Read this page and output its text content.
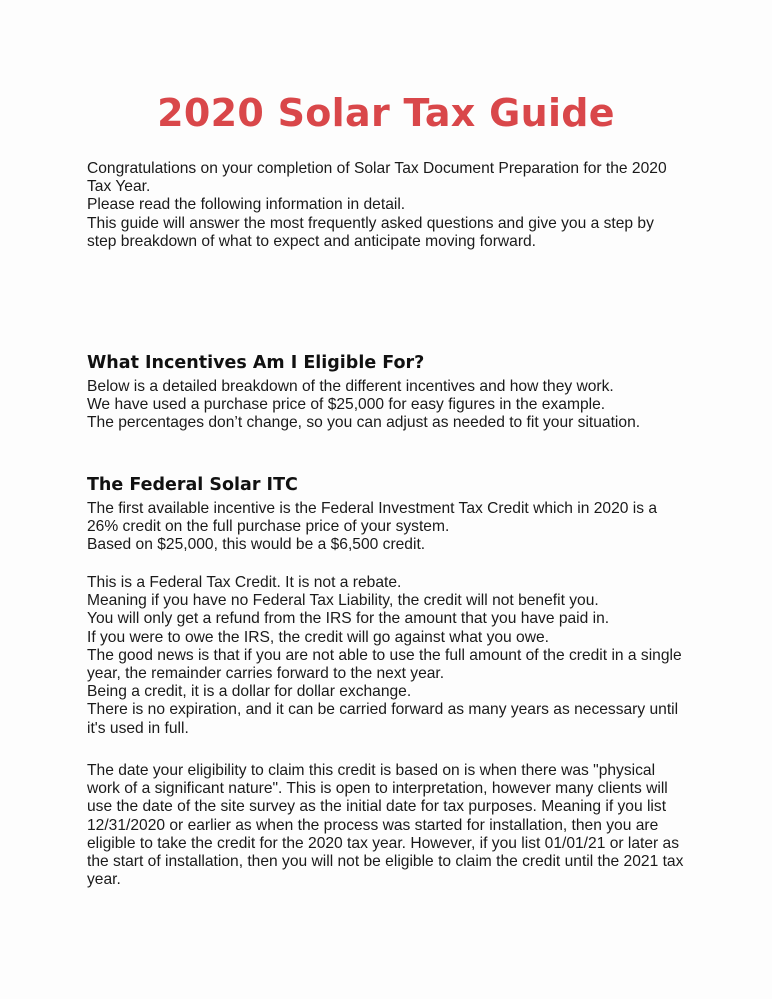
2020 Solar Tax Guide

Congratulations on your completion of Solar Tax Document Preparation for the 2020 Tax Year.

Please read the following information in detail.

This guide will answer the most frequently asked questions and give you a step by step breakdown of what to expect and anticipate moving forward.

What Incentives Am I Eligible For?

Below is a detailed breakdown of the different incentives and how they work.

We have used a purchase price of $25,000 for easy figures in the example.

The percentages don’t change, so you can adjust as needed to fit your situation.

The Federal Solar ITC

The first available incentive is the Federal Investment Tax Credit which in 2020 is a 26% credit on the full purchase price of your system.

Based on $25,000, this would be a $6,500 credit.

This is a Federal Tax Credit. It is not a rebate.

Meaning if you have no Federal Tax Liability, the credit will not benefit you.

You will only get a refund from the IRS for the amount that you have paid in.

If you were to owe the IRS, the credit will go against what you owe.

The good news is that if you are not able to use the full amount of the credit in a single year, the remainder carries forward to the next year.

Being a credit, it is a dollar for dollar exchange.

There is no expiration, and it can be carried forward as many years as necessary until it's used in full.

The date your eligibility to claim this credit is based on is when there was "physical work of a significant nature". This is open to interpretation, however many clients will use the date of the site survey as the initial date for tax purposes. Meaning if you list 12/31/2020 or earlier as when the process was started for installation, then you are eligible to take the credit for the 2020 tax year. However, if you list 01/01/21 or later as the start of installation, then you will not be eligible to claim the credit until the 2021 tax year.
